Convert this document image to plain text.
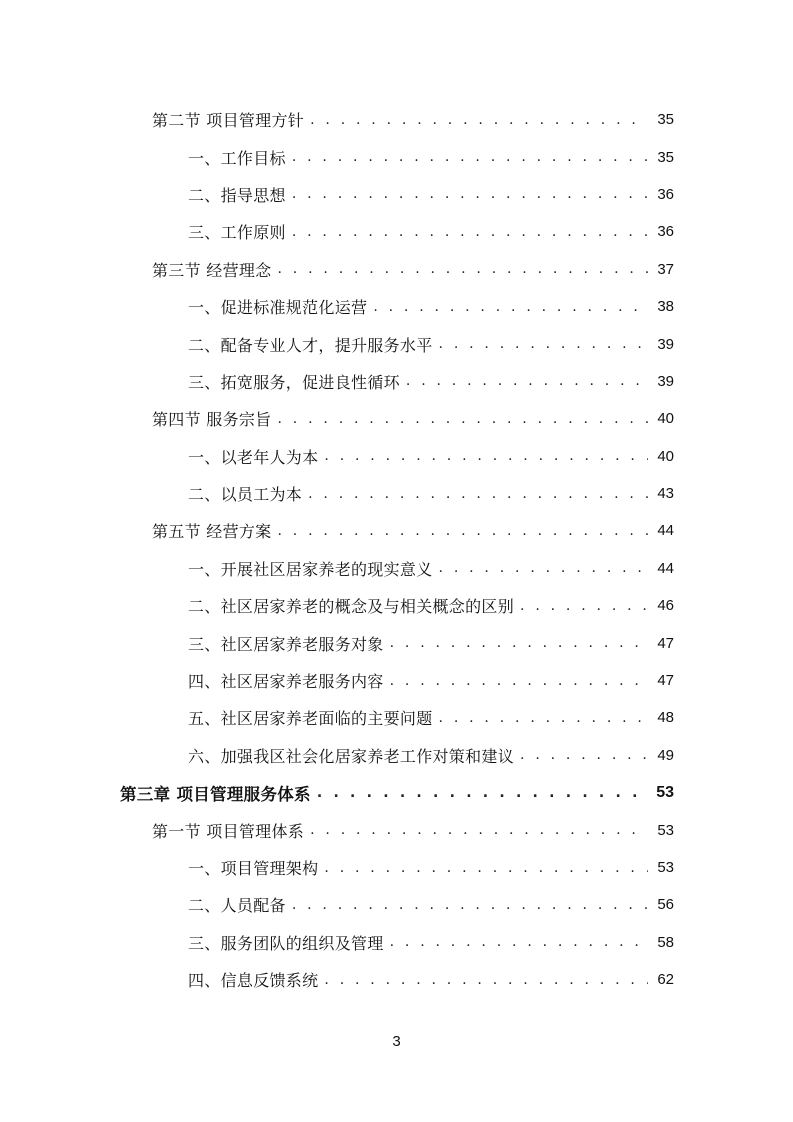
第二节 项目管理方针 . . .	35
一、工作目标 . . .	35
二、指导思想 . . .	36
三、工作原则 . . .	36
第三节 经营理念 . . .	37
一、促进标准规范化运营 . . .	38
二、配备专业人才，提升服务水平 . . .	39
三、拓宽服务，促进良性循环 . . .	39
第四节 服务宗旨 . . .	40
一、以老年人为本 . . .	40
二、以员工为本 . . .	43
第五节 经营方案 . . .	44
一、开展社区居家养老的现实意义 . . .	44
二、社区居家养老的概念及与相关概念的区别 . . .	46
三、社区居家养老服务对象 . . .	47
四、社区居家养老服务内容 . . .	47
五、社区居家养老面临的主要问题 . . .	48
六、加强我区社会化居家养老工作对策和建议 . . .	49
第三章 项目管理服务体系 . . .	53
第一节 项目管理体系 . . .	53
一、项目管理架构 . . .	53
二、人员配备 . . .	56
三、服务团队的组织及管理 . . .	58
四、信息反馈系统 . . .	62
3
